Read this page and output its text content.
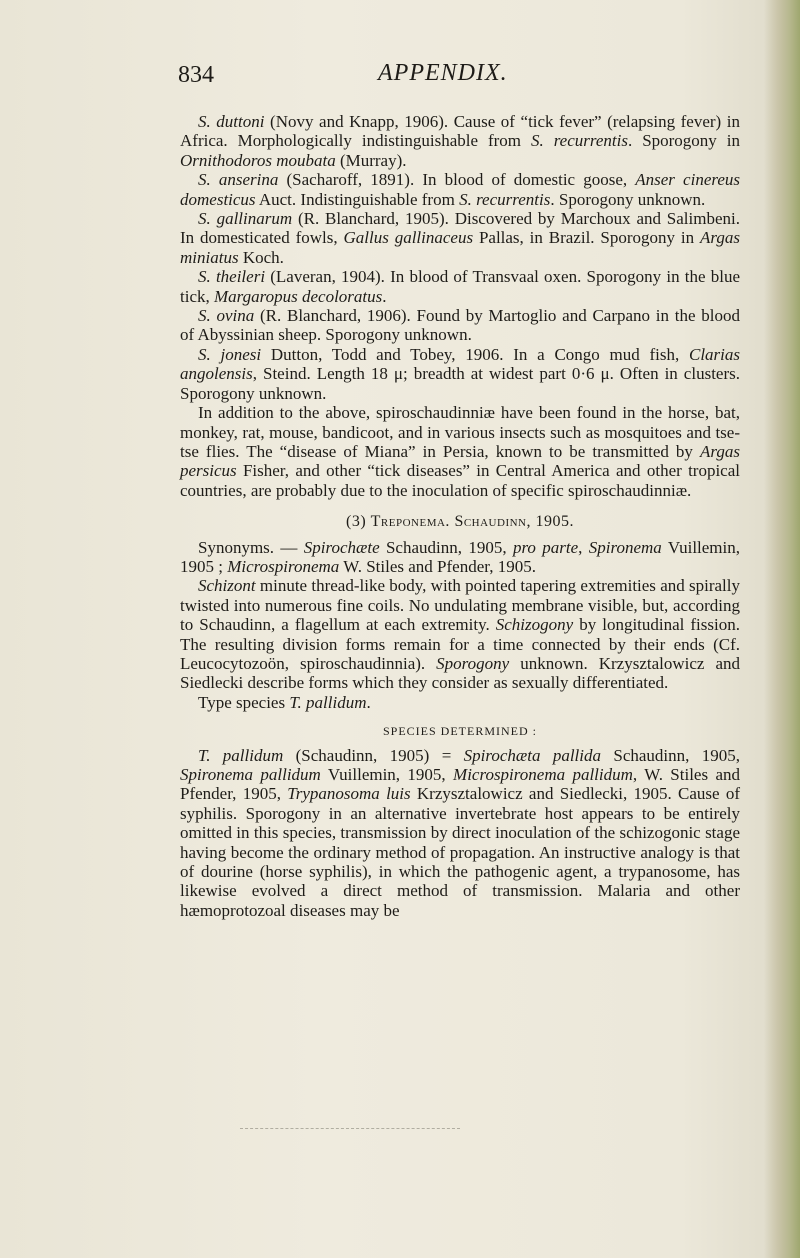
834	APPENDIX.

S. duttoni (Novy and Knapp, 1906). Cause of “tick fever” (relapsing fever) in Africa. Morphologically indistinguishable from S. recurrentis. Sporogony in Ornithodoros moubata (Murray).

S. anserina (Sacharoff, 1891). In blood of domestic goose, Anser cinereus domesticus Auct. Indistinguishable from S. recurrentis. Sporogony unknown.

S. gallinarum (R. Blanchard, 1905). Discovered by Marchoux and Salimbeni. In domesticated fowls, Gallus gallinaceus Pallas, in Brazil. Sporogony in Argas miniatus Koch.

S. theileri (Laveran, 1904). In blood of Transvaal oxen. Sporogony in the blue tick, Margaropus decoloratus.

S. ovina (R. Blanchard, 1906). Found by Martoglio and Carpano in the blood of Abyssinian sheep. Sporogony unknown.

S. jonesi Dutton, Todd and Tobey, 1906. In a Congo mud fish, Clarias angolensis, Steind. Length 18 μ; breadth at widest part 0·6 μ. Often in clusters. Sporogony unknown.

In addition to the above, spiroschaudinniæ have been found in the horse, bat, monkey, rat, mouse, bandicoot, and in various insects such as mosquitoes and tse-tse flies. The “disease of Miana” in Persia, known to be transmitted by Argas persicus Fisher, and other “tick diseases” in Central America and other tropical countries, are probably due to the inoculation of specific spiroschaudinniæ.

(3) Treponema. Schaudinn, 1905.

Synonyms. — Spirochæte Schaudinn, 1905, pro parte, Spironema Vuillemin, 1905 ; Microspironema W. Stiles and Pfender, 1905.

Schizont minute thread-like body, with pointed tapering extremities and spirally twisted into numerous fine coils. No undulating membrane visible, but, according to Schaudinn, a flagellum at each extremity. Schizogony by longitudinal fission. The resulting division forms remain for a time connected by their ends (Cf. Leucocytozoön, spiroschaudinnia). Sporogony unknown. Krzysztalowicz and Siedlecki describe forms which they consider as sexually differentiated.

Type species T. pallidum.

SPECIES DETERMINED :

T. pallidum (Schaudinn, 1905) = Spirochæta pallida Schaudinn, 1905, Spironema pallidum Vuillemin, 1905, Microspironema pallidum, W. Stiles and Pfender, 1905, Trypanosoma luis Krzysztalowicz and Siedlecki, 1905. Cause of syphilis. Sporogony in an alternative invertebrate host appears to be entirely omitted in this species, transmission by direct inoculation of the schizogonic stage having become the ordinary method of propagation. An instructive analogy is that of dourine (horse syphilis), in which the pathogenic agent, a trypanosome, has likewise evolved a direct method of transmission. Malaria and other hæmoprotozoal diseases may be
